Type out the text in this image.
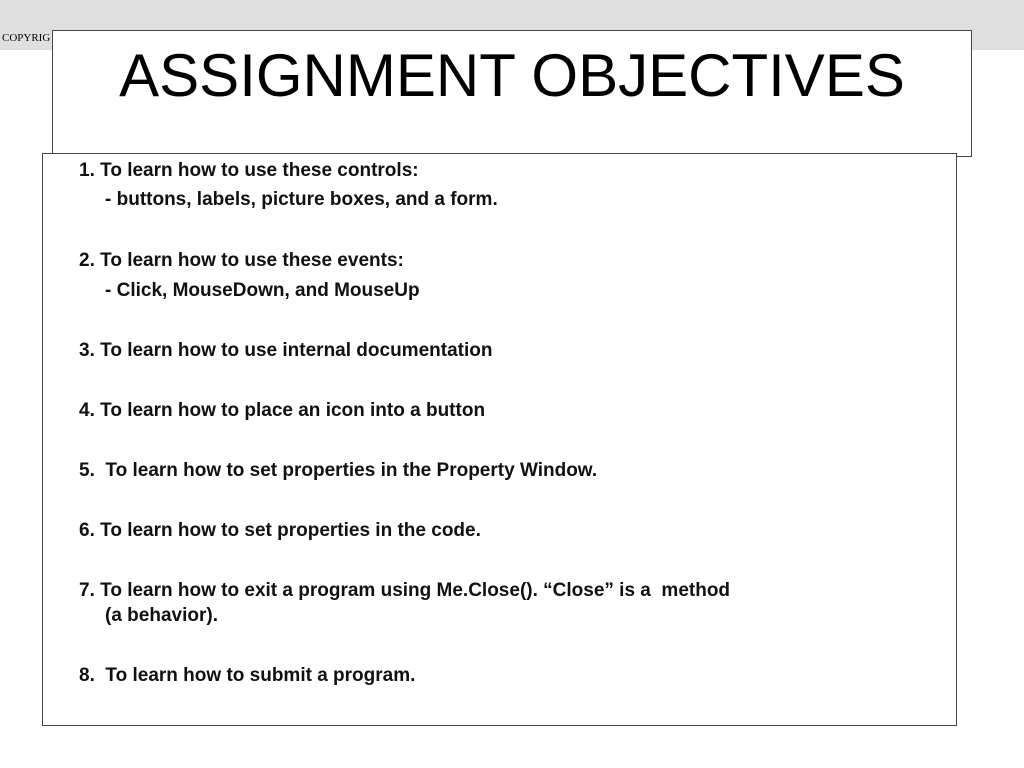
COPYRIG
ASSIGNMENT OBJECTIVES
1. To learn how to use these controls:
- buttons, labels, picture boxes, and a form.
2. To learn how to use these events:
- Click, MouseDown, and MouseUp
3. To learn how to use internal documentation
4. To learn how to place an icon into a button
5.  To learn how to set properties in the Property Window.
6. To learn how to set properties in the code.
7. To learn how to exit a program using Me.Close(). “Close” is a  method
(a behavior).
8.  To learn how to submit a program.
